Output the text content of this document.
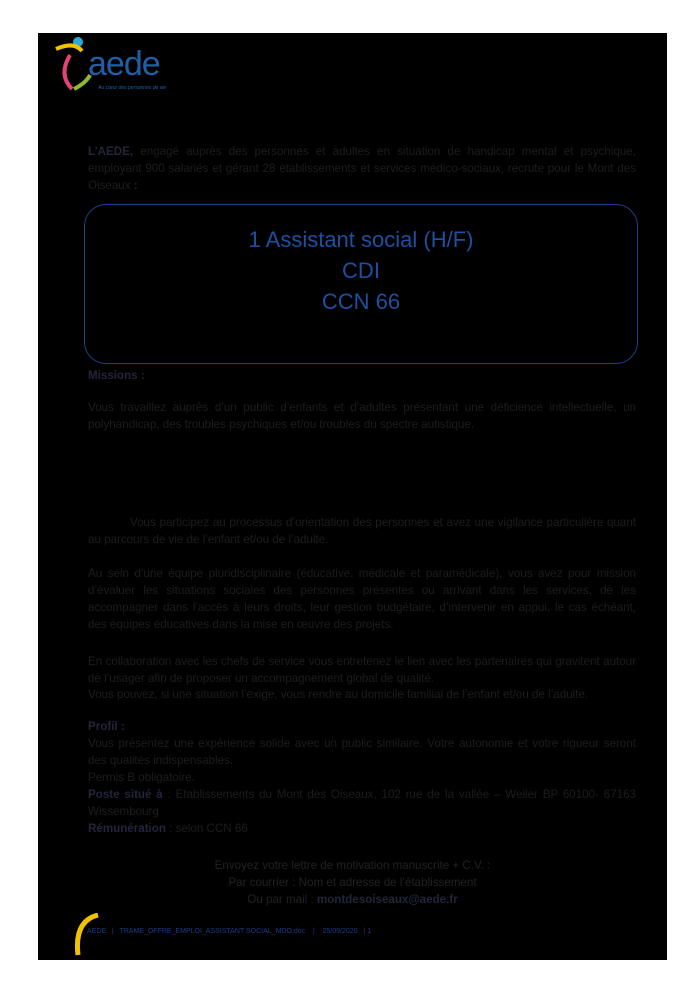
aede
Au cœur des personnes de vie
L’AEDE, engagé auprès des personnes et adultes en situation de handicap mental et psychique, employant 900 salariés et gérant 28 établissements et services médico-sociaux, recrute pour le Mont des Oiseaux :
1 Assistant social (H/F)
CDI
CCN 66
Missions :
Vous travaillez auprès d’un public d’enfants et d’adultes présentant une déficience intellectuelle, un polyhandicap, des troubles psychiques et/ou troubles du spectre autistique.
Vous participez au processus d’orientation des personnes et avez une vigilance particulière quant au parcours de vie de l’enfant et/ou de l’adulte.
Au sein d’une équipe pluridisciplinaire (éducative, médicale et paramédicale), vous avez pour mission d’évaluer les situations sociales des personnes présentes ou arrivant dans les services, de les accompagner dans l’accès à leurs droits, leur gestion budgétaire, d’intervenir en appui, le cas échéant, des équipes éducatives dans la mise en œuvre des projets.
En collaboration avec les chefs de service vous entretenez le lien avec les partenaires qui gravitent autour de l’usager afin de proposer un accompagnement global de qualité.
Vous pouvez, si une situation l’exige, vous rendre au domicile familial de l’enfant et/ou de l’adulte.
Profil :
Vous présentez une expérience solide avec un public similaire. Votre autonomie et votre rigueur seront des qualités indispensables.
Permis B obligatoire.
Poste situé à : Etablissements du Mont des Oiseaux, 102 rue de la vallée – Weiler BP 60100- 67163 Wissembourg
Rémunération : selon CCN 66
Envoyez votre lettre de motivation manuscrite + C.V. :
Par courrier : Nom et adresse de l’établissement
Ou par mail : montdesoiseaux@aede.fr
AEDE | TRAME_OFFRE_EMPLOI_ASSISTANT SOCIAL_MDO.doc | 25/09/2020 | 1
